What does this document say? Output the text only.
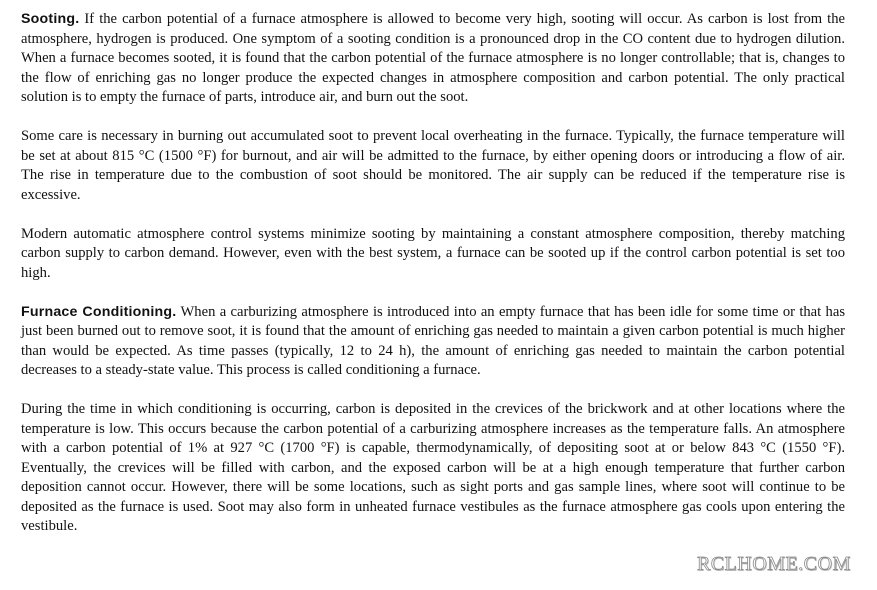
Sooting. If the carbon potential of a furnace atmosphere is allowed to become very high, sooting will occur. As carbon is lost from the atmosphere, hydrogen is produced. One symptom of a sooting condition is a pronounced drop in the CO content due to hydrogen dilution. When a furnace becomes sooted, it is found that the carbon potential of the furnace atmosphere is no longer controllable; that is, changes to the flow of enriching gas no longer produce the expected changes in atmosphere composition and carbon potential. The only practical solution is to empty the furnace of parts, introduce air, and burn out the soot.

Some care is necessary in burning out accumulated soot to prevent local overheating in the furnace. Typically, the furnace temperature will be set at about 815 °C (1500 °F) for burnout, and air will be admitted to the furnace, by either opening doors or introducing a flow of air. The rise in temperature due to the combustion of soot should be monitored. The air supply can be reduced if the temperature rise is excessive.

Modern automatic atmosphere control systems minimize sooting by maintaining a constant atmosphere composition, thereby matching carbon supply to carbon demand. However, even with the best system, a furnace can be sooted up if the control carbon potential is set too high.

Furnace Conditioning. When a carburizing atmosphere is introduced into an empty furnace that has been idle for some time or that has just been burned out to remove soot, it is found that the amount of enriching gas needed to maintain a given carbon potential is much higher than would be expected. As time passes (typically, 12 to 24 h), the amount of enriching gas needed to maintain the carbon potential decreases to a steady-state value. This process is called conditioning a furnace.

During the time in which conditioning is occurring, carbon is deposited in the crevices of the brickwork and at other locations where the temperature is low. This occurs because the carbon potential of a carburizing atmosphere increases as the temperature falls. An atmosphere with a carbon potential of 1% at 927 °C (1700 °F) is capable, thermodynamically, of depositing soot at or below 843 °C (1550 °F). Eventually, the crevices will be filled with carbon, and the exposed carbon will be at a high enough temperature that further carbon deposition cannot occur. However, there will be some locations, such as sight ports and gas sample lines, where soot will continue to be deposited as the furnace is used. Soot may also form in unheated furnace vestibules as the furnace atmosphere gas cools upon entering the vestibule.

RCLHOME.COM
